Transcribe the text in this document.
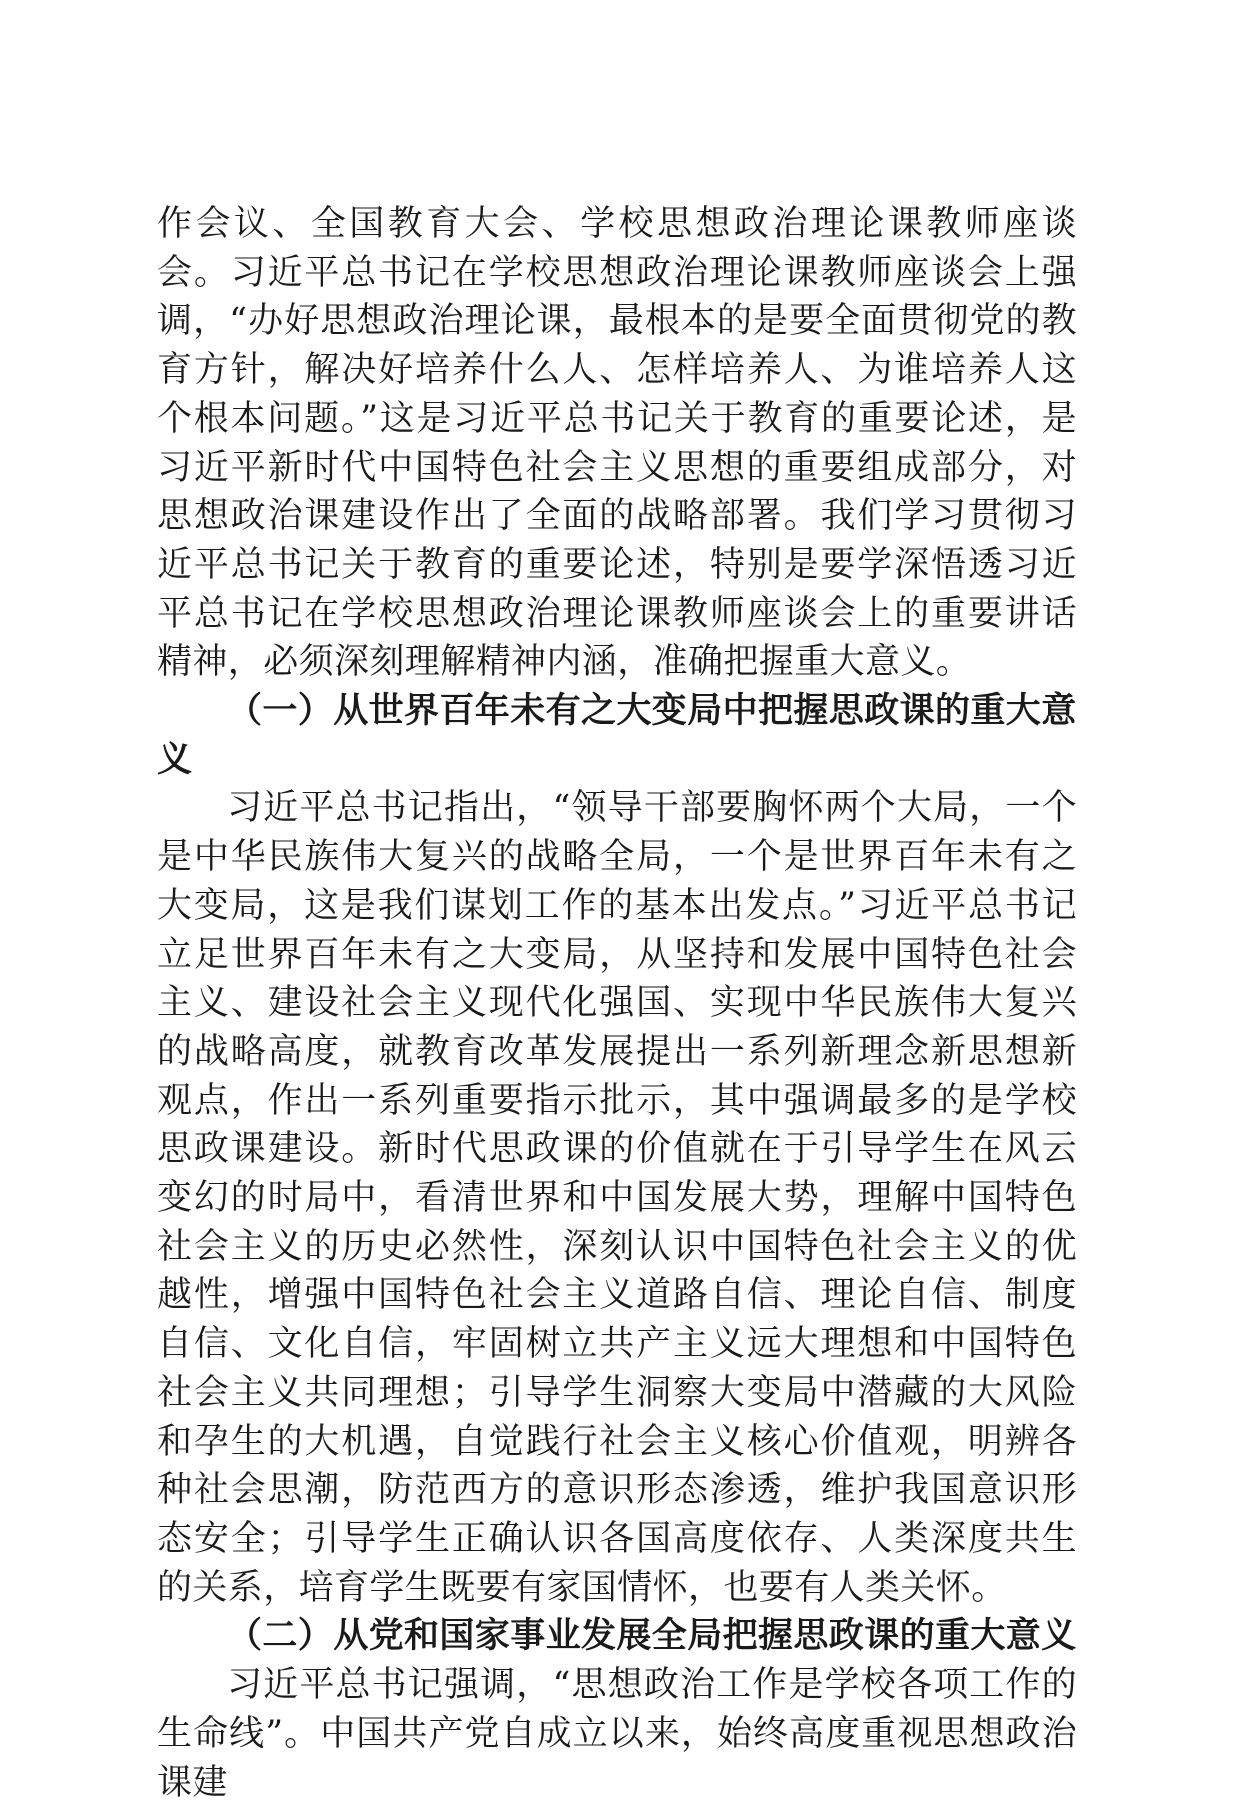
作会议、全国教育大会、学校思想政治理论课教师座谈会。习近平总书记在学校思想政治理论课教师座谈会上强调，“办好思想政治理论课，最根本的是要全面贯彻党的教育方针，解决好培养什么人、怎样培养人、为谁培养人这个根本问题。”这是习近平总书记关于教育的重要论述，是习近平新时代中国特色社会主义思想的重要组成部分，对思想政治课建设作出了全面的战略部署。我们学习贯彻习近平总书记关于教育的重要论述，特别是要学深悟透习近平总书记在学校思想政治理论课教师座谈会上的重要讲话精神，必须深刻理解精神内涵，准确把握重大意义。

（一）从世界百年未有之大变局中把握思政课的重大意义

习近平总书记指出，“领导干部要胸怀两个大局，一个是中华民族伟大复兴的战略全局，一个是世界百年未有之大变局，这是我们谋划工作的基本出发点。”习近平总书记立足世界百年未有之大变局，从坚持和发展中国特色社会主义、建设社会主义现代化强国、实现中华民族伟大复兴的战略高度，就教育改革发展提出一系列新理念新思想新观点，作出一系列重要指示批示，其中强调最多的是学校思政课建设。新时代思政课的价值就在于引导学生在风云变幻的时局中，看清世界和中国发展大势，理解中国特色社会主义的历史必然性，深刻认识中国特色社会主义的优越性，增强中国特色社会主义道路自信、理论自信、制度自信、文化自信，牢固树立共产主义远大理想和中国特色社会主义共同理想；引导学生洞察大变局中潜藏的大风险和孕生的大机遇，自觉践行社会主义核心价值观，明辨各种社会思潮，防范西方的意识形态渗透，维护我国意识形态安全；引导学生正确认识各国高度依存、人类深度共生的关系，培育学生既要有家国情怀，也要有人类关怀。

（二）从党和国家事业发展全局把握思政课的重大意义

习近平总书记强调，“思想政治工作是学校各项工作的生命线”。中国共产党自成立以来，始终高度重视思想政治课建
